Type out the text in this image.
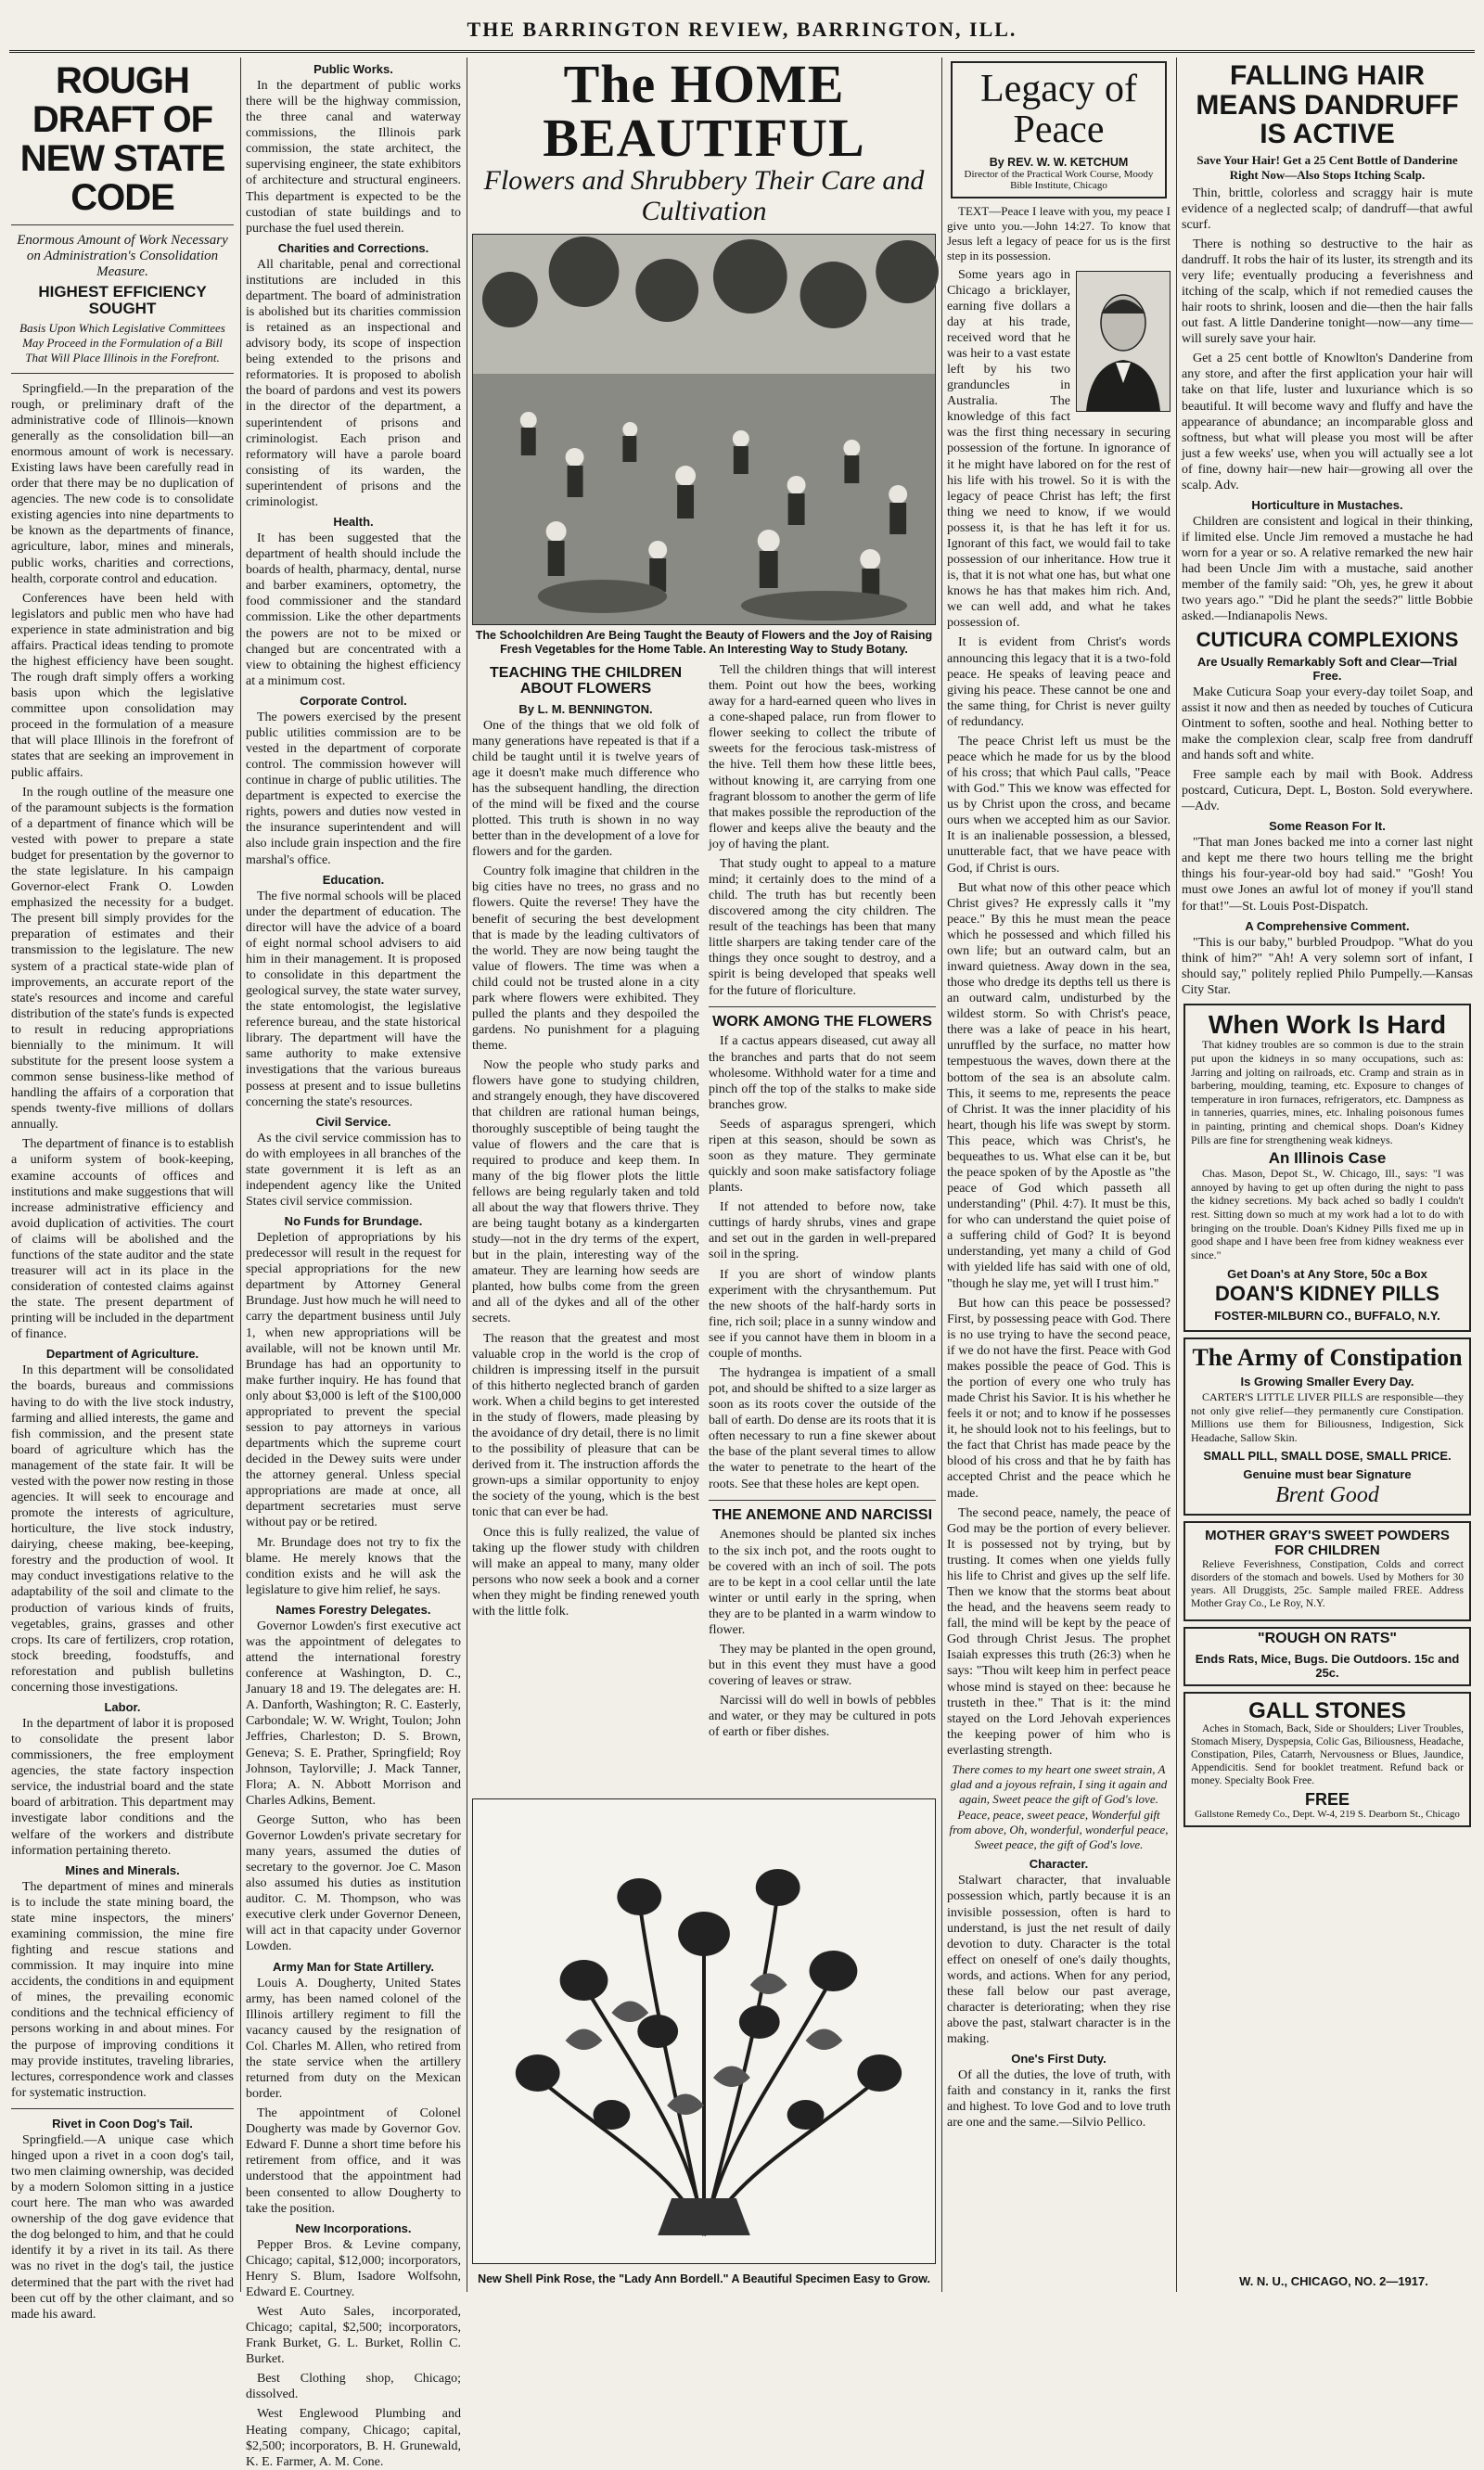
THE BARRINGTON REVIEW, BARRINGTON, ILL.
ROUGH DRAFT OF NEW STATE CODE
Enormous Amount of Work Necessary on Administration's Consolidation Measure.
HIGHEST EFFICIENCY SOUGHT
Basis Upon Which Legislative Committees May Proceed in the Formulation of a Bill That Will Place Illinois in the Forefront.

Springfield.—In the preparation of the rough, or preliminary draft of the administrative code of Illinois—known generally as the consolidation bill—an enormous amount of work is necessary. Existing laws have been carefully read in order that there may be no duplication of agencies. The new code is to consolidate existing agencies into nine departments to be known as the departments of finance, agriculture, labor, mines and minerals, public works, charities and corrections, health, corporate control and education.

Conferences have been held with legislators and public men who have had experience in state administration and big affairs. Practical ideas tending to promote the highest efficiency have been sought. The rough draft simply offers a working basis upon which the legislative committee upon consolidation may proceed in the formulation of a measure that will place Illinois in the forefront of states that are seeking an improvement in public affairs.

In the rough outline of the measure one of the paramount subjects is the formation of a department of finance which will be vested with power to prepare a state budget for presentation by the governor to the state legislature. In his campaign Governor-elect Frank O. Lowden emphasized the necessity for a budget. The present bill simply provides for the preparation of estimates and their transmission to the legislature. The new system of a practical state-wide plan of improvements, an accurate report of the state's resources and income and careful distribution of the state's funds is expected to result in reducing appropriations biennially to the minimum. It will substitute for the present loose system a common sense business-like method of handling the affairs of a corporation that spends twenty-five millions of dollars annually.

The department of finance is to establish a uniform system of book-keeping, examine accounts of offices and institutions and make suggestions that will increase administrative efficiency and avoid duplication of activities. The court of claims will be abolished and the functions of the state auditor and the state treasurer will act in its place in the consideration of contested claims against the state. The present department of printing will be included in the department of finance.

Department of Agriculture.

In this department will be consolidated the boards, bureaus and commissions having to do with the live stock industry, farming and allied interests, the game and fish commission, and the present state board of agriculture which has the management of the state fair. It will be vested with the power now resting in those agencies. It will seek to encourage and promote the interests of agriculture, horticulture, the live stock industry, dairying, cheese making, bee-keeping, forestry and the production of wool. It may conduct investigations relative to the adaptability of the soil and climate to the production of various kinds of fruits, vegetables, grains, grasses and other crops. Its care of fertilizers, crop rotation, stock breeding, foodstuffs, and reforestation and publish bulletins concerning those investigations.

Labor.

In the department of labor it is proposed to consolidate the present labor commissioners, the free employment agencies, the state factory inspection service, the industrial board and the state board of arbitration. This department may investigate labor conditions and the welfare of the workers and distribute information pertaining thereto.

Mines and Minerals.

The department of mines and minerals is to include the state mining board, the state mine inspectors, the miners' examining commission, the mine fire fighting and rescue stations and commission. It may inquire into mine accidents, the conditions in and equipment of mines, the prevailing economic conditions and the technical efficiency of persons working in and about mines. For the purpose of improving conditions it may provide institutes, traveling libraries, lectures, correspondence work and classes for systematic instruction.

Rivet in Coon Dog's Tail.

Springfield.—A unique case which hinged upon a rivet in a coon dog's tail, two men claiming ownership, was decided by a modern Solomon sitting in a justice court here. The man who was awarded ownership of the dog gave evidence that the dog belonged to him, and that he could identify it by a rivet in its tail. As there was no rivet in the dog's tail, the justice determined that the part with the rivet had been cut off by the other claimant, and so made his award.

Public Works.

In the department of public works there will be the highway commission, the three canal and waterway commissions, the Illinois park commission, the state architect, the supervising engineer, the state exhibitors of architecture and structural engineers. This department is expected to be the custodian of state buildings and to purchase the fuel used therein.

Charities and Corrections.

All charitable, penal and correctional institutions are included in this department. The board of administration is abolished but its charities commission is retained as an inspectional and advisory body, its scope of inspection being extended to the prisons and reformatories. It is proposed to abolish the board of pardons and vest its powers in the director of the department, a superintendent of prisons and criminologist. Each prison and reformatory will have a parole board consisting of its warden, the superintendent of prisons and the criminologist.

Health.

It has been suggested that the department of health should include the boards of health, pharmacy, dental, nurse and barber examiners, optometry, the food commissioner and the standard commission. Like the other departments the powers are not to be mixed or changed but are concentrated with a view to obtaining the highest efficiency at a minimum cost.

Corporate Control.

The powers exercised by the present public utilities commission are to be vested in the department of corporate control. The commission however will continue in charge of public utilities. The department is expected to exercise the rights, powers and duties now vested in the insurance superintendent and will also include grain inspection and the fire marshal's office.

Education.

The five normal schools will be placed under the department of education. The director will have the advice of a board of eight normal school advisers to aid him in their management. It is proposed to consolidate in this department the geological survey, the state water survey, the state entomologist, the legislative reference bureau, and the state historical library. The department will have the same authority to make extensive investigations that the various bureaus possess at present and to issue bulletins concerning the state's resources.

Civil Service.

As the civil service commission has to do with employees in all branches of the state government it is left as an independent agency like the United States civil service commission.

No Funds for Brundage.

Depletion of appropriations by his predecessor will result in the request for special appropriations for the new department by Attorney General Brundage. Just how much he will need to carry the department business until July 1, when new appropriations will be available, will not be known until Mr. Brundage has had an opportunity to make further inquiry. He has found that only about $3,000 is left of the $100,000 appropriated to prevent the special session to pay attorneys in various departments which the supreme court decided in the Dewey suits were under the attorney general. Unless special appropriations are made at once, all department secretaries must serve without pay or be retired.

Mr. Brundage does not try to fix the blame. He merely knows that the condition exists and he will ask the legislature to give him relief, he says.

Names Forestry Delegates.

Governor Lowden's first executive act was the appointment of delegates to attend the international forestry conference at Washington, D. C., January 18 and 19. The delegates are: H. A. Danforth, Washington; R. C. Easterly, Carbondale; W. W. Wright, Toulon; John Jeffries, Charleston; D. S. Brown, Geneva; S. E. Prather, Springfield; Roy Johnson, Taylorville; J. Mack Tanner, Flora; A. N. Abbott Morrison and Charles Adkins, Bement.

George Sutton, who has been Governor Lowden's private secretary for many years, assumed the duties of secretary to the governor. Joe C. Mason also assumed his duties as institution auditor. C. M. Thompson, who was executive clerk under Governor Deneen, will act in that capacity under Governor Lowden.

Army Man for State Artillery.

Louis A. Dougherty, United States army, has been named colonel of the Illinois artillery regiment to fill the vacancy caused by the resignation of Col. Charles M. Allen, who retired from the state service when the artillery returned from duty on the Mexican border.

The appointment of Colonel Dougherty was made by Governor Gov. Edward F. Dunne a short time before his retirement from office, and it was understood that the appointment had been consented to allow Dougherty to take the position.

New Incorporations.

Pepper Bros. & Levine company, Chicago; capital, $12,000; incorporators, Henry S. Blum, Isadore Wolfsohn, Edward E. Courtney.

West Auto Sales, incorporated, Chicago; capital, $2,500; incorporators, Frank Burket, G. L. Burket, Rollin C. Burket.

Best Clothing shop, Chicago; dissolved.

West Englewood Plumbing and Heating company, Chicago; capital, $2,500; incorporators, B. H. Grunewald, K. E. Farmer, A. M. Cone.

The HOME BEAUTIFUL
Flowers and Shrubbery Their Care and Cultivation
The Schoolchildren Are Being Taught the Beauty of Flowers and the Joy of Raising Fresh Vegetables for the Home Table. An Interesting Way to Study Botany.
TEACHING THE CHILDREN ABOUT FLOWERS
By L. M. BENNINGTON.

One of the things that we old folk of many generations have repeated is that if a child be taught until it is twelve years of age it doesn't make much difference who has the subsequent handling, the direction of the mind will be fixed and the course plotted. This truth is shown in no way better than in the development of a love for flowers and for the garden.

Country folk imagine that children in the big cities have no trees, no grass and no flowers. Quite the reverse! They have the benefit of securing the best development that is made by the leading cultivators of the world. They are now being taught the value of flowers. The time was when a child could not be trusted alone in a city park where flowers were exhibited. They pulled the plants and they despoiled the gardens. No punishment for a plaguing theme.

Now the people who study parks and flowers have gone to studying children, and strangely enough, they have discovered that children are rational human beings, thoroughly susceptible of being taught the value of flowers and the care that is required to produce and keep them. In many of the big flower plots the little fellows are being regularly taken and told all about the way that flowers thrive. They are being taught botany as a kindergarten study—not in the dry terms of the expert, but in the plain, interesting way of the amateur. They are learning how seeds are planted, how bulbs come from the green and all of the dykes and all of the other secrets.

The reason that the greatest and most valuable crop in the world is the crop of children is impressing itself in the pursuit of this hitherto neglected branch of garden work. When a child begins to get interested in the study of flowers, made pleasing by the avoidance of dry detail, there is no limit to the possibility of pleasure that can be derived from it. The instruction affords the grown-ups a similar opportunity to enjoy the society of the young, which is the best tonic that can ever be had.

Once this is fully realized, the value of taking up the flower study with children will make an appeal to many, many older persons who now seek a book and a corner when they might be finding renewed youth with the little folk.

Tell the children things that will interest them. Point out how the bees, working away for a hard-earned queen who lives in a cone-shaped palace, run from flower to flower seeking to collect the tribute of sweets for the ferocious task-mistress of the hive. Tell them how these little bees, without knowing it, are carrying from one fragrant blossom to another the germ of life that makes possible the reproduction of the flower and keeps alive the beauty and the joy of having the plant.

That study ought to appeal to a mature mind; it certainly does to the mind of a child. The truth has but recently been discovered among the city children. The result of the teachings has been that many little sharpers are taking tender care of the things they once sought to destroy, and a spirit is being developed that speaks well for the future of floriculture.

WORK AMONG THE FLOWERS

If a cactus appears diseased, cut away all the branches and parts that do not seem wholesome. Withhold water for a time and pinch off the top of the stalks to make side branches grow.

Seeds of asparagus sprengeri, which ripen at this season, should be sown as soon as they mature. They germinate quickly and soon make satisfactory foliage plants.

If not attended to before now, take cuttings of hardy shrubs, vines and grape and set out in the garden in well-prepared soil in the spring.

If you are short of window plants experiment with the chrysanthemum. Put the new shoots of the half-hardy sorts in fine, rich soil; place in a sunny window and see if you cannot have them in bloom in a couple of months.

The hydrangea is impatient of a small pot, and should be shifted to a size larger as soon as its roots cover the outside of the ball of earth. Do dense are its roots that it is often necessary to run a fine skewer about the base of the plant several times to allow the water to penetrate to the heart of the roots. See that these holes are kept open.

THE ANEMONE AND NARCISSI

Anemones should be planted six inches to the six inch pot, and the roots ought to be covered with an inch of soil. The pots are to be kept in a cool cellar until the late winter or until early in the spring, when they are to be planted in a warm window to flower.

They may be planted in the open ground, but in this event they must have a good covering of leaves or straw.

Narcissi will do well in bowls of pebbles and water, or they may be cultured in pots of earth or fiber dishes.

New Shell Pink Rose, the "Lady Ann Bordell." A Beautiful Specimen Easy to Grow.
Legacy of Peace
By REV. W. W. KETCHUM
Director of the Practical Work Course, Moody Bible Institute, Chicago

TEXT—Peace I leave with you, my peace I give unto you.—John 14:27. To know that Jesus left a legacy of peace for us is the first step in its possession.

Some years ago in Chicago a bricklayer, earning five dollars a day at his trade, received word that he was heir to a vast estate left by his two granduncles in Australia. The knowledge of this fact was the first thing necessary in securing possession of the fortune. In ignorance of it he might have labored on for the rest of his life with his trowel. So it is with the legacy of peace Christ has left; the first thing we need to know, if we would possess it, is that he has left it for us. Ignorant of this fact, we would fail to take possession of our inheritance. How true it is, that it is not what one has, but what one knows he has that makes him rich. And, we can well add, and what he takes possession of.

It is evident from Christ's words announcing this legacy that it is a two-fold peace. He speaks of leaving peace and giving his peace. These cannot be one and the same thing, for Christ is never guilty of redundancy.

The peace Christ left us must be the peace which he made for us by the blood of his cross; that which Paul calls, "Peace with God." This we know was effected for us by Christ upon the cross, and became ours when we accepted him as our Savior. It is an inalienable possession, a blessed, unutterable fact, that we have peace with God, if Christ is ours.

But what now of this other peace which Christ gives? He expressly calls it "my peace." By this he must mean the peace which he possessed and which filled his own life; but an outward calm, but an inward quietness. Away down in the sea, those who dredge its depths tell us there is an outward calm, undisturbed by the wildest storm. So with Christ's peace, there was a lake of peace in his heart, unruffled by the surface, no matter how tempestuous the waves, down there at the bottom of the sea is an absolute calm. This, it seems to me, represents the peace of Christ. It was the inner placidity of his heart, though his life was swept by storm. This peace, which was Christ's, he bequeathes to us. What else can it be, but the peace spoken of by the Apostle as "the peace of God which passeth all understanding" (Phil. 4:7). It must be this, for who can understand the quiet poise of a suffering child of God? It is beyond understanding, yet many a child of God with yielded life has said with one of old, "though he slay me, yet will I trust him."

But how can this peace be possessed? First, by possessing peace with God. There is no use trying to have the second peace, if we do not have the first. Peace with God makes possible the peace of God. This is the portion of every one who truly has made Christ his Savior. It is his whether he feels it or not; and to know if he possesses it, he should look not to his feelings, but to the fact that Christ has made peace by the blood of his cross and that he by faith has accepted Christ and the peace which he made.

The second peace, namely, the peace of God may be the portion of every believer. It is possessed not by trying, but by trusting. It comes when one yields fully his life to Christ and gives up the self life. Then we know that the storms beat about the head, and the heavens seem ready to fall, the mind will be kept by the peace of God through Christ Jesus. The prophet Isaiah expresses this truth (26:3) when he says: "Thou wilt keep him in perfect peace whose mind is stayed on thee: because he trusteth in thee." That is it: the mind stayed on the Lord Jehovah experiences the keeping power of him who is everlasting strength.

There comes to my heart one sweet strain, A glad and a joyous refrain, I sing it again and again, Sweet peace the gift of God's love. Peace, peace, sweet peace, Wonderful gift from above, Oh, wonderful, wonderful peace, Sweet peace, the gift of God's love.
Character.

Stalwart character, that invaluable possession which, partly because it is an invisible possession, often is hard to understand, is just the net result of daily devotion to duty. Character is the total effect on oneself of one's daily thoughts, words, and actions. When for any period, these fall below our past average, character is deteriorating; when they rise above the past, stalwart character is in the making.

One's First Duty.

Of all the duties, the love of truth, with faith and constancy in it, ranks the first and highest. To love God and to love truth are one and the same.—Silvio Pellico.

FALLING HAIR MEANS DANDRUFF IS ACTIVE
Save Your Hair! Get a 25 Cent Bottle of Danderine Right Now—Also Stops Itching Scalp.

Thin, brittle, colorless and scraggy hair is mute evidence of a neglected scalp; of dandruff—that awful scurf.

There is nothing so destructive to the hair as dandruff. It robs the hair of its luster, its strength and its very life; eventually producing a feverishness and itching of the scalp, which if not remedied causes the hair roots to shrink, loosen and die—then the hair falls out fast. A little Danderine tonight—now—any time—will surely save your hair.

Get a 25 cent bottle of Knowlton's Danderine from any store, and after the first application your hair will take on that life, luster and luxuriance which is so beautiful. It will become wavy and fluffy and have the appearance of abundance; an incomparable gloss and softness, but what will please you most will be after just a few weeks' use, when you will actually see a lot of fine, downy hair—new hair—growing all over the scalp. Adv.

Horticulture in Mustaches.

Children are consistent and logical in their thinking, if limited else. Uncle Jim removed a mustache he had worn for a year or so. A relative remarked the new hair had been Uncle Jim with a mustache, said another member of the family said: "Oh, yes, he grew it about two years ago." "Did he plant the seeds?" little Bobbie asked.—Indianapolis News.

CUTICURA COMPLEXIONS
Are Usually Remarkably Soft and Clear—Trial Free.

Make Cuticura Soap your every-day toilet Soap, and assist it now and then as needed by touches of Cuticura Ointment to soften, soothe and heal. Nothing better to make the complexion clear, scalp free from dandruff and hands soft and white.

Free sample each by mail with Book. Address postcard, Cuticura, Dept. L, Boston. Sold everywhere.—Adv.

Some Reason For It.

"That man Jones backed me into a corner last night and kept me there two hours telling me the bright things his four-year-old boy had said." "Gosh! You must owe Jones an awful lot of money if you'll stand for that!"—St. Louis Post-Dispatch.

A Comprehensive Comment.

"This is our baby," burbled Proudpop. "What do you think of him?" "Ah! A very solemn sort of infant, I should say," politely replied Philo Pumpelly.—Kansas City Star.

When Work Is Hard

That kidney troubles are so common is due to the strain put upon the kidneys in so many occupations, such as: Jarring and jolting on railroads, etc. Cramp and strain as in barbering, moulding, teaming, etc. Exposure to changes of temperature in iron furnaces, refrigerators, etc. Dampness as in tanneries, quarries, mines, etc. Inhaling poisonous fumes in painting, printing and chemical shops. Doan's Kidney Pills are fine for strengthening weak kidneys.

An Illinois Case

Chas. Mason, Depot St., W. Chicago, Ill., says: "I was annoyed by having to get up often during the night to pass the kidney secretions. My back ached so badly I couldn't rest. Sitting down so much at my work had a lot to do with bringing on the trouble. Doan's Kidney Pills fixed me up in good shape and I have been free from kidney weakness ever since."

Get Doan's at Any Store, 50c a Box
DOAN'S KIDNEY PILLS
FOSTER-MILBURN CO., BUFFALO, N.Y.
The Army of Constipation
Is Growing Smaller Every Day.

CARTER'S LITTLE LIVER PILLS are responsible—they not only give relief—they permanently cure Constipation. Millions use them for Biliousness, Indigestion, Sick Headache, Sallow Skin.

SMALL PILL, SMALL DOSE, SMALL PRICE.
Genuine must bear Signature
Brent Good
MOTHER GRAY'S SWEET POWDERS FOR CHILDREN

Relieve Feverishness, Constipation, Colds and correct disorders of the stomach and bowels. Used by Mothers for 30 years. All Druggists, 25c. Sample mailed FREE. Address Mother Gray Co., Le Roy, N.Y.

"ROUGH ON RATS"
Ends Rats, Mice, Bugs. Die Outdoors. 15c and 25c.
GALL STONES

Aches in Stomach, Back, Side or Shoulders; Liver Troubles, Stomach Misery, Dyspepsia, Colic Gas, Biliousness, Headache, Constipation, Piles, Catarrh, Nervousness or Blues, Jaundice, Appendicitis. Send for booklet treatment. Refund back or money. Specialty Book Free.

FREE
Gallstone Remedy Co., Dept. W-4, 219 S. Dearborn St., Chicago
W. N. U., CHICAGO, NO. 2—1917.
